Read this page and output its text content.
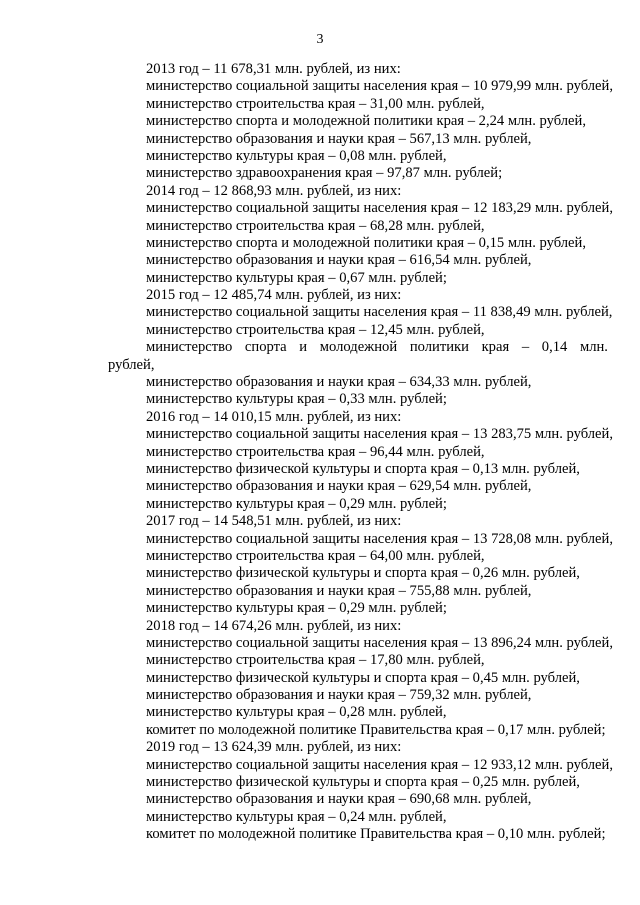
3
2013 год – 11 678,31 млн. рублей, из них:
министерство социальной защиты населения края – 10 979,99 млн. рублей,
министерство строительства края – 31,00 млн. рублей,
министерство спорта и молодежной политики края – 2,24 млн. рублей,
министерство образования и науки края – 567,13 млн. рублей,
министерство культуры края – 0,08 млн. рублей,
министерство здравоохранения края – 97,87 млн. рублей;
2014 год – 12 868,93 млн. рублей, из них:
министерство социальной защиты населения края – 12 183,29 млн. рублей,
министерство строительства края – 68,28 млн. рублей,
министерство спорта и молодежной политики края – 0,15 млн. рублей,
министерство образования и науки края – 616,54 млн. рублей,
министерство культуры края – 0,67 млн. рублей;
2015 год – 12 485,74 млн. рублей, из них:
министерство социальной защиты населения края – 11 838,49 млн. рублей,
министерство строительства края – 12,45 млн. рублей,
министерство спорта и молодежной политики края – 0,14 млн.
рублей,
министерство образования и науки края – 634,33 млн. рублей,
министерство культуры края – 0,33 млн. рублей;
2016 год – 14 010,15 млн. рублей, из них:
министерство социальной защиты населения края – 13 283,75 млн. рублей,
министерство строительства края – 96,44 млн. рублей,
министерство физической культуры и спорта края – 0,13 млн. рублей,
министерство образования и науки края – 629,54 млн. рублей,
министерство культуры края – 0,29 млн. рублей;
2017 год – 14 548,51 млн. рублей, из них:
министерство социальной защиты населения края – 13 728,08 млн. рублей,
министерство строительства края – 64,00 млн. рублей,
министерство физической культуры и спорта края – 0,26 млн. рублей,
министерство образования и науки края – 755,88 млн. рублей,
министерство культуры края – 0,29 млн. рублей;
2018 год – 14 674,26 млн. рублей, из них:
министерство социальной защиты населения края – 13 896,24 млн. рублей,
министерство строительства края – 17,80 млн. рублей,
министерство физической культуры и спорта края – 0,45 млн. рублей,
министерство образования и науки края – 759,32 млн. рублей,
министерство культуры края – 0,28 млн. рублей,
комитет по молодежной политике Правительства края – 0,17 млн. рублей;
2019 год – 13 624,39 млн. рублей, из них:
министерство социальной защиты населения края – 12 933,12 млн. рублей,
министерство физической культуры и спорта края – 0,25 млн. рублей,
министерство образования и науки края – 690,68 млн. рублей,
министерство культуры края – 0,24 млн. рублей,
комитет по молодежной политике Правительства края – 0,10 млн. рублей;
